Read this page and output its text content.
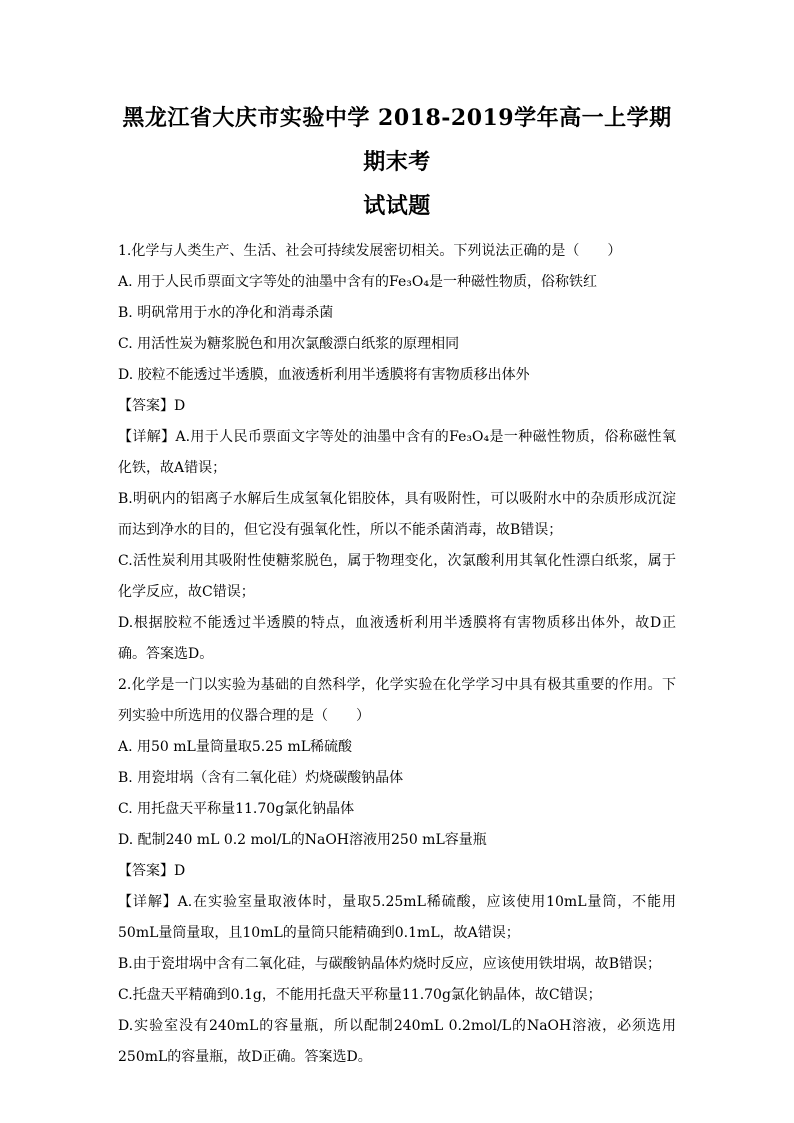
黑龙江省大庆市实验中学 2018-2019学年高一上学期期末考
试试题

1.化学与人类生产、生活、社会可持续发展密切相关。下列说法正确的是（　　）

A. 用于人民币票面文字等处的油墨中含有的Fe₃O₄是一种磁性物质，俗称铁红

B. 明矾常用于水的净化和消毒杀菌

C. 用活性炭为糖浆脱色和用次氯酸漂白纸浆的原理相同

D. 胶粒不能透过半透膜，血液透析利用半透膜将有害物质移出体外

【答案】D

【详解】A.用于人民币票面文字等处的油墨中含有的Fe₃O₄是一种磁性物质，俗称磁性氧化铁，故A错误；

B.明矾内的铝离子水解后生成氢氧化铝胶体，具有吸附性，可以吸附水中的杂质形成沉淀而达到净水的目的，但它没有强氧化性，所以不能杀菌消毒，故B错误；

C.活性炭利用其吸附性使糖浆脱色，属于物理变化，次氯酸利用其氧化性漂白纸浆，属于化学反应，故C错误；

D.根据胶粒不能透过半透膜的特点，血液透析利用半透膜将有害物质移出体外，故D正确。答案选D。

2.化学是一门以实验为基础的自然科学，化学实验在化学学习中具有极其重要的作用。下列实验中所选用的仪器合理的是（　　）

A. 用50 mL量筒量取5.25 mL稀硫酸

B. 用瓷坩埚（含有二氧化硅）灼烧碳酸钠晶体

C. 用托盘天平称量11.70g氯化钠晶体

D. 配制240 mL 0.2 mol/L的NaOH溶液用250 mL容量瓶

【答案】D

【详解】A.在实验室量取液体时，量取5.25mL稀硫酸，应该使用10mL量筒，不能用50mL量筒量取，且10mL的量筒只能精确到0.1mL，故A错误；

B.由于瓷坩埚中含有二氧化硅，与碳酸钠晶体灼烧时反应，应该使用铁坩埚，故B错误；

C.托盘天平精确到0.1g，不能用托盘天平称量11.70g氯化钠晶体，故C错误；

D.实验室没有240mL的容量瓶，所以配制240mL 0.2mol/L的NaOH溶液，必须选用250mL的容量瓶，故D正确。答案选D。
